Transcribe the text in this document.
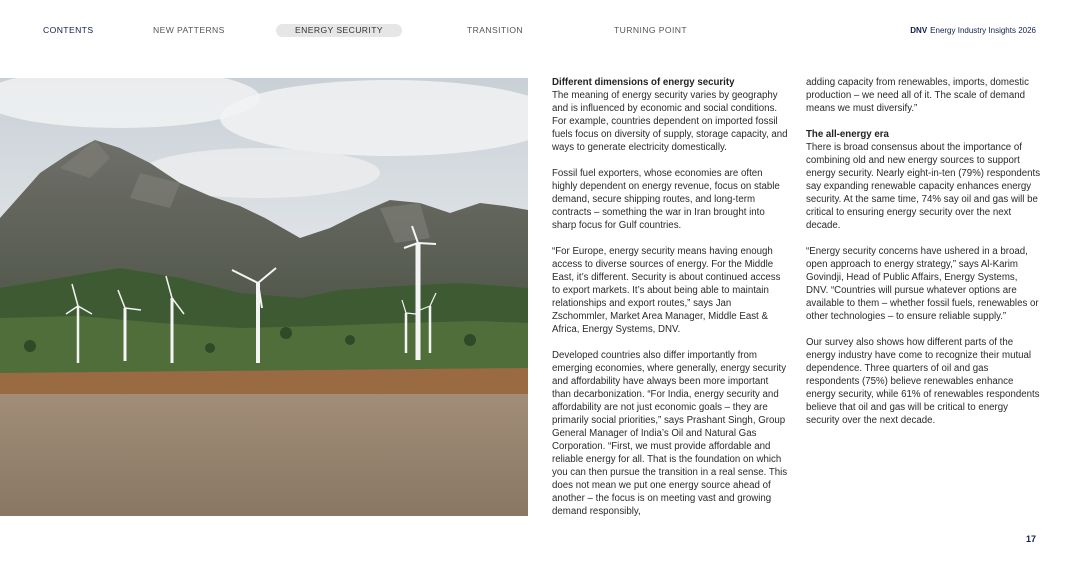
CONTENTS	NEW PATTERNS	ENERGY SECURITY	TRANSITION	TURNING POINT	DNV Energy Industry Insights 2026
Different dimensions of energy security

The meaning of energy security varies by geography and is influenced by economic and social conditions. For example, countries dependent on imported fossil fuels focus on diversity of supply, storage capacity, and ways to generate electricity domestically.

Fossil fuel exporters, whose economies are often highly dependent on energy revenue, focus on stable demand, secure shipping routes, and long-term contracts – something the war in Iran brought into sharp focus for Gulf countries.

“For Europe, energy security means having enough access to diverse sources of energy. For the Middle East, it’s different. Security is about continued access to export markets. It’s about being able to maintain relationships and export routes,” says Jan Zschommler, Market Area Manager, Middle East & Africa, Energy Systems, DNV.

Developed countries also differ importantly from emerging economies, where generally, energy security and affordability have always been more important than decarbonization. “For India, energy security and affordability are not just economic goals – they are primarily social priorities,” says Prashant Singh, Group General Manager of India’s Oil and Natural Gas Corporation. “First, we must provide affordable and reliable energy for all. That is the foundation on which you can then pursue the transition in a real sense. This does not mean we put one energy source ahead of another – the focus is on meeting vast and growing demand responsibly,

adding capacity from renewables, imports, domestic production – we need all of it. The scale of demand means we must diversify.”

The all-energy era

There is broad consensus about the importance of combining old and new energy sources to support energy security. Nearly eight-in-ten (79%) respondents say expanding renewable capacity enhances energy security. At the same time, 74% say oil and gas will be critical to ensuring energy security over the next decade.

“Energy security concerns have ushered in a broad, open approach to energy strategy,” says Al-Karim Govindji, Head of Public Affairs, Energy Systems, DNV. “Countries will pursue whatever options are available to them – whether fossil fuels, renewables or other technologies – to ensure reliable supply.”

Our survey also shows how different parts of the energy industry have come to recognize their mutual dependence. Three quarters of oil and gas respondents (75%) believe renewables enhance energy security, while 61% of renewables respondents believe that oil and gas will be critical to energy security over the next decade.

17
